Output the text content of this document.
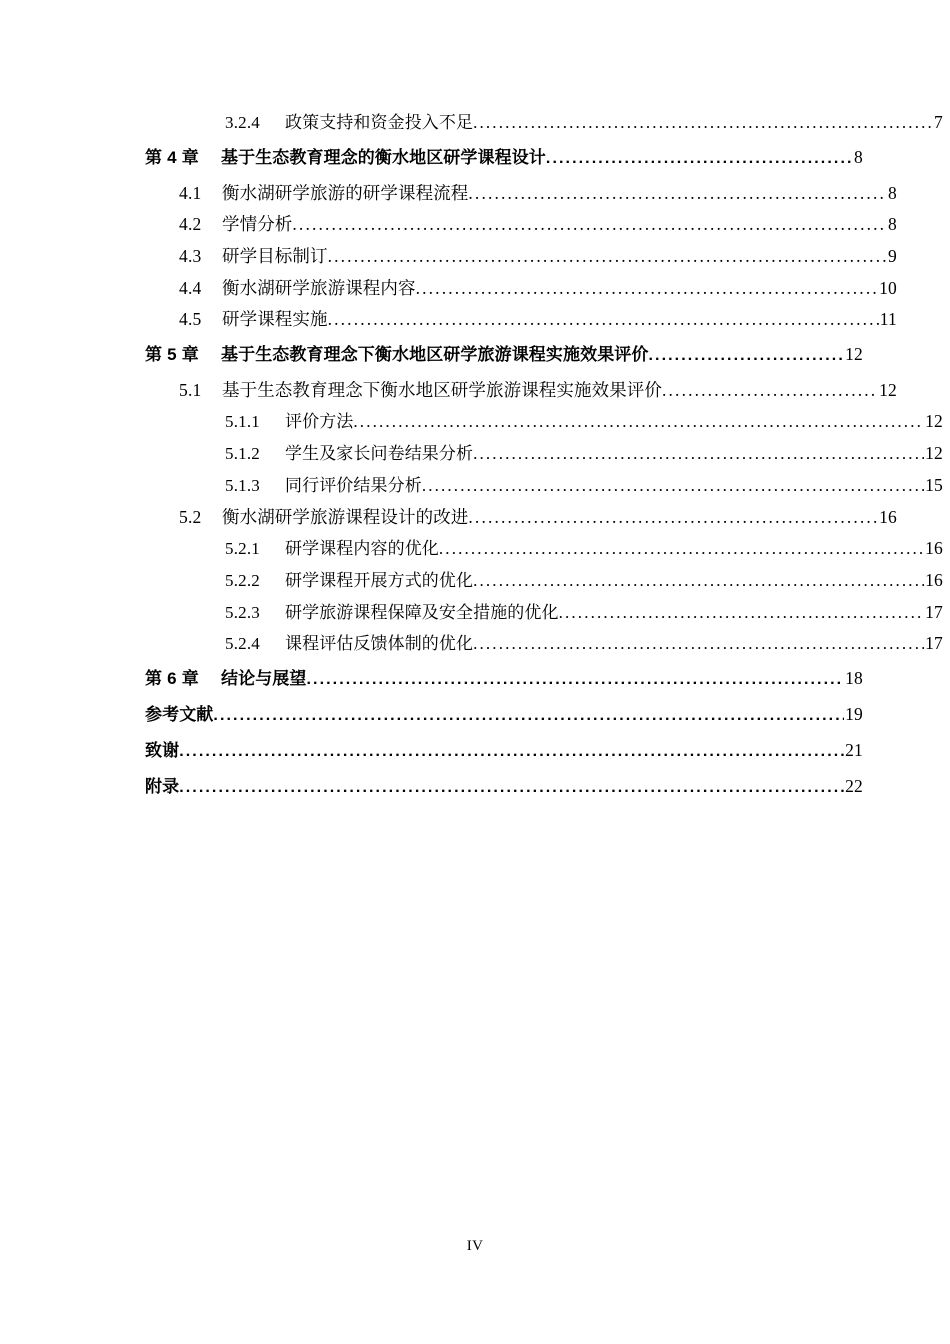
3.2.4	政策支持和资金投入不足 .....	7
第 4 章	基于生态教育理念的衡水地区研学课程设计 .....	8
4.1	衡水湖研学旅游的研学课程流程 .....	8
4.2	学情分析 .....	8
4.3	研学目标制订 .....	9
4.4	衡水湖研学旅游课程内容 .....	10
4.5	研学课程实施 .....	11
第 5 章	基于生态教育理念下衡水地区研学旅游课程实施效果评价 .....	12
5.1	基于生态教育理念下衡水地区研学旅游课程实施效果评价 .....	12
5.1.1	评价方法 .....	12
5.1.2	学生及家长问卷结果分析 .....	12
5.1.3	同行评价结果分析 .....	15
5.2	衡水湖研学旅游课程设计的改进 .....	16
5.2.1	研学课程内容的优化 .....	16
5.2.2	研学课程开展方式的优化 .....	16
5.2.3	研学旅游课程保障及安全措施的优化 .....	17
5.2.4	课程评估反馈体制的优化 .....	17
第 6 章	结论与展望 .....	18
参考文献 .....	19
致谢 .....	21
附录 .....	22
IV
